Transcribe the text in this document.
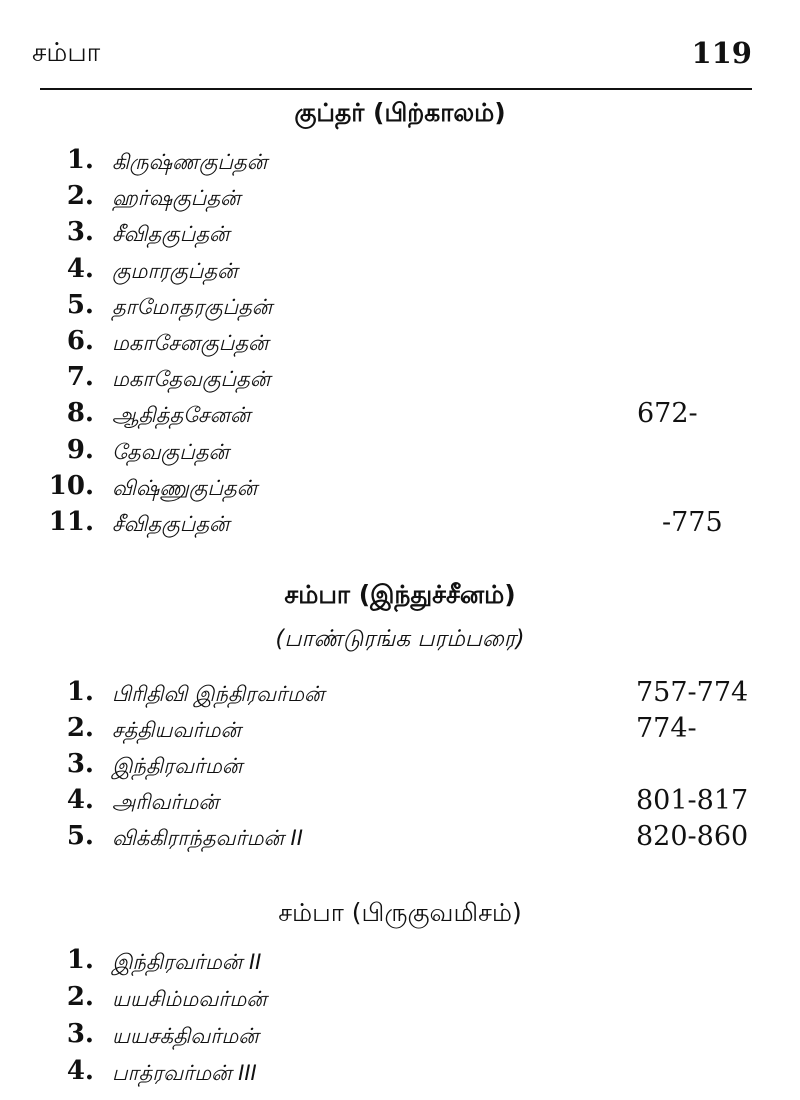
சம்பா	119
குப்தர் (பிற்காலம்)
1. கிருஷ்ணகுப்தன்
2. ஹர்ஷகுப்தன்
3. சீவிதகுப்தன்
4. குமாரகுப்தன்
5. தாமோதரகுப்தன்
6. மகாசேனகுப்தன்
7. மகாதேவகுப்தன்
8. ஆதித்தசேனன்	672-
9. தேவகுப்தன்
10. விஷ்ணுகுப்தன்
11. சீவிதகுப்தன்	-775
சம்பா (இந்துச்சீனம்)
(பாண்டுரங்க பரம்பரை)
1. பிரிதிவி இந்திரவர்மன்	757-774
2. சத்தியவர்மன்	774-
3. இந்திரவர்மன்
4. அரிவர்மன்	801-817
5. விக்கிராந்தவர்மன் II	820-860
சம்பா (பிருகுவமிசம்)
1. இந்திரவர்மன் II
2. யயசிம்மவர்மன்
3. யயசக்திவர்மன்
4. பாத்ரவர்மன் III
